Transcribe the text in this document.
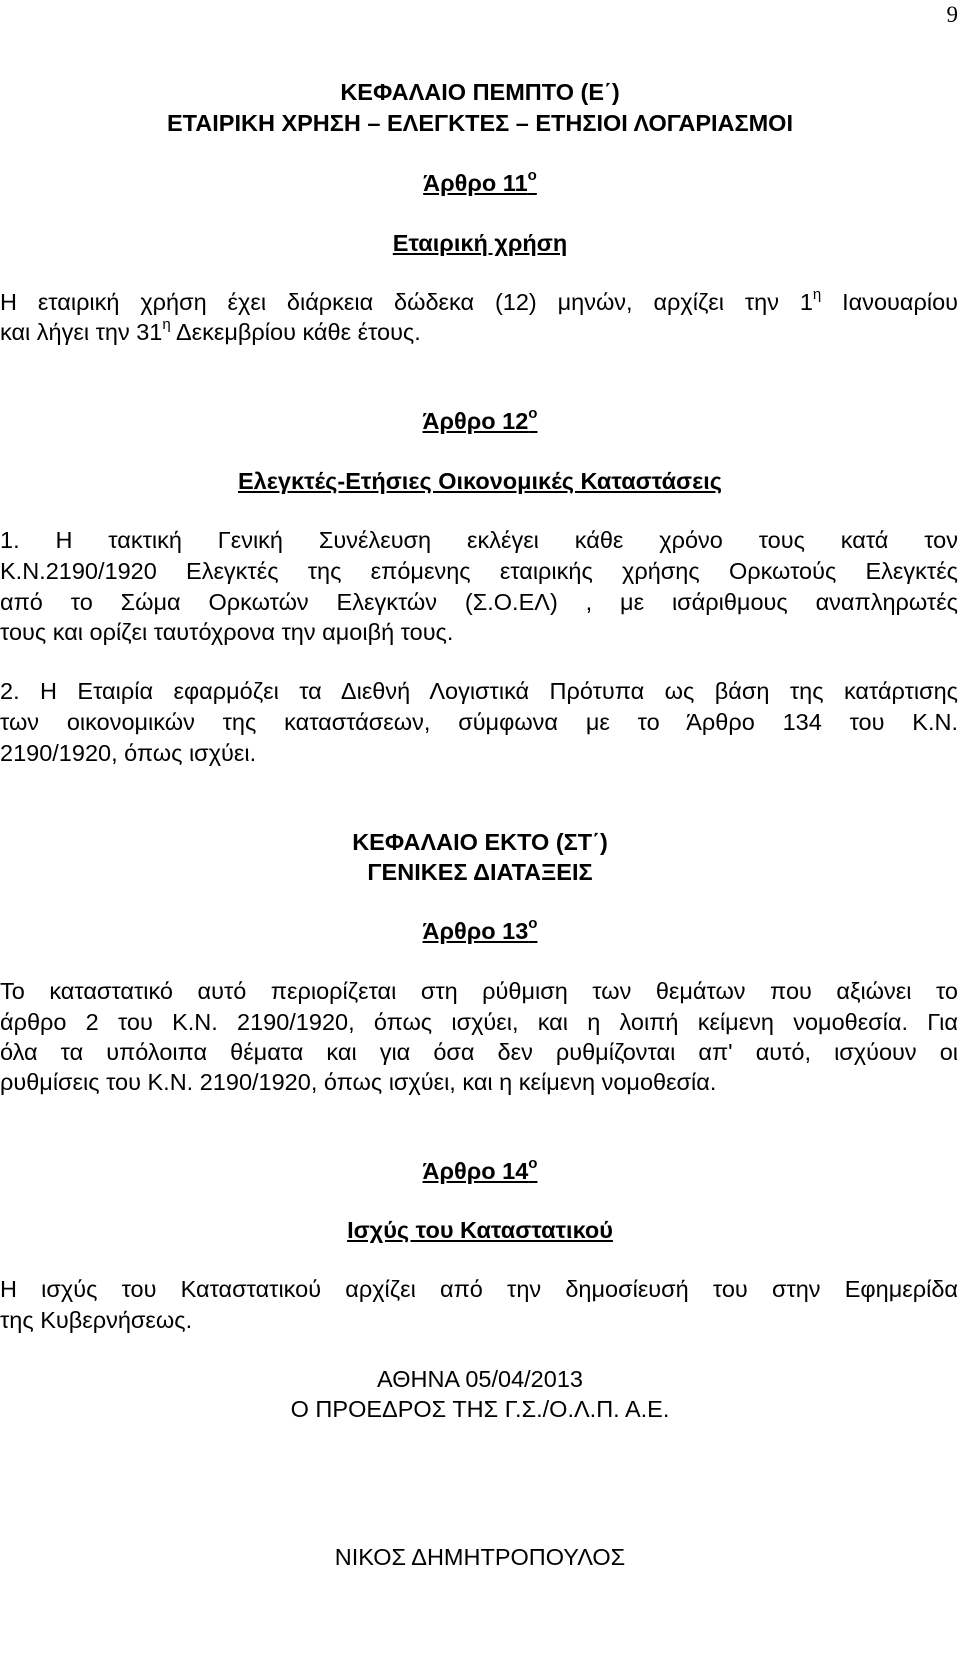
9
ΚΕΦΑΛΑΙΟ ΠΕΜΠΤΟ (Ε΄)
ΕΤΑΙΡΙΚΗ ΧΡΗΣΗ – ΕΛΕΓΚΤΕΣ – ΕΤΗΣΙΟΙ ΛΟΓΑΡΙΑΣΜΟΙ
Άρθρο $11^o$
Εταιρική χρήση
Η εταιρική χρήση έχει διάρκεια δώδεκα (12) μηνών, αρχίζει την $1^\eta$ Ιανουαρίου
και λήγει την $31^\eta$ Δεκεμβρίου κάθε έτους.
Άρθρο $12^o$
Ελεγκτές-Ετήσιες Οικονομικές Καταστάσεις
1. Η τακτική Γενική Συνέλευση εκλέγει κάθε χρόνο τους κατά τον
Κ.Ν.2190/1920 Ελεγκτές της επόμενης εταιρικής χρήσης Ορκωτούς Ελεγκτές
από το Σώμα Ορκωτών Ελεγκτών (Σ.Ο.ΕΛ) , με ισάριθμους αναπληρωτές
τους και ορίζει ταυτόχρονα την αμοιβή τους.
2. Η Εταιρία εφαρμόζει τα Διεθνή Λογιστικά Πρότυπα ως βάση της κατάρτισης
των οικονομικών της καταστάσεων, σύμφωνα με το Άρθρο 134 του Κ.Ν.
2190/1920, όπως ισχύει.
ΚΕΦΑΛΑΙΟ ΕΚΤΟ (ΣΤ΄)
ΓΕΝΙΚΕΣ ΔΙΑΤΑΞΕΙΣ
Άρθρο $13^o$
Το καταστατικό αυτό περιορίζεται στη ρύθμιση των θεμάτων που αξιώνει το
άρθρο 2 του Κ.Ν. 2190/1920, όπως ισχύει, και η λοιπή κείμενη νομοθεσία. Για
όλα τα υπόλοιπα θέματα και για όσα δεν ρυθμίζονται απ' αυτό, ισχύουν οι
ρυθμίσεις του Κ.Ν. 2190/1920, όπως ισχύει, και η κείμενη νομοθεσία.
Άρθρο $14^o$
Ισχύς του Καταστατικού
Η ισχύς του Καταστατικού αρχίζει από την δημοσίευσή του στην Εφημερίδα
της Κυβερνήσεως.
ΑΘΗΝΑ 05/04/2013
Ο ΠΡΟΕΔΡΟΣ ΤΗΣ Γ.Σ./Ο.Λ.Π. Α.Ε.
ΝΙΚΟΣ ΔΗΜΗΤΡΟΠΟΥΛΟΣ
